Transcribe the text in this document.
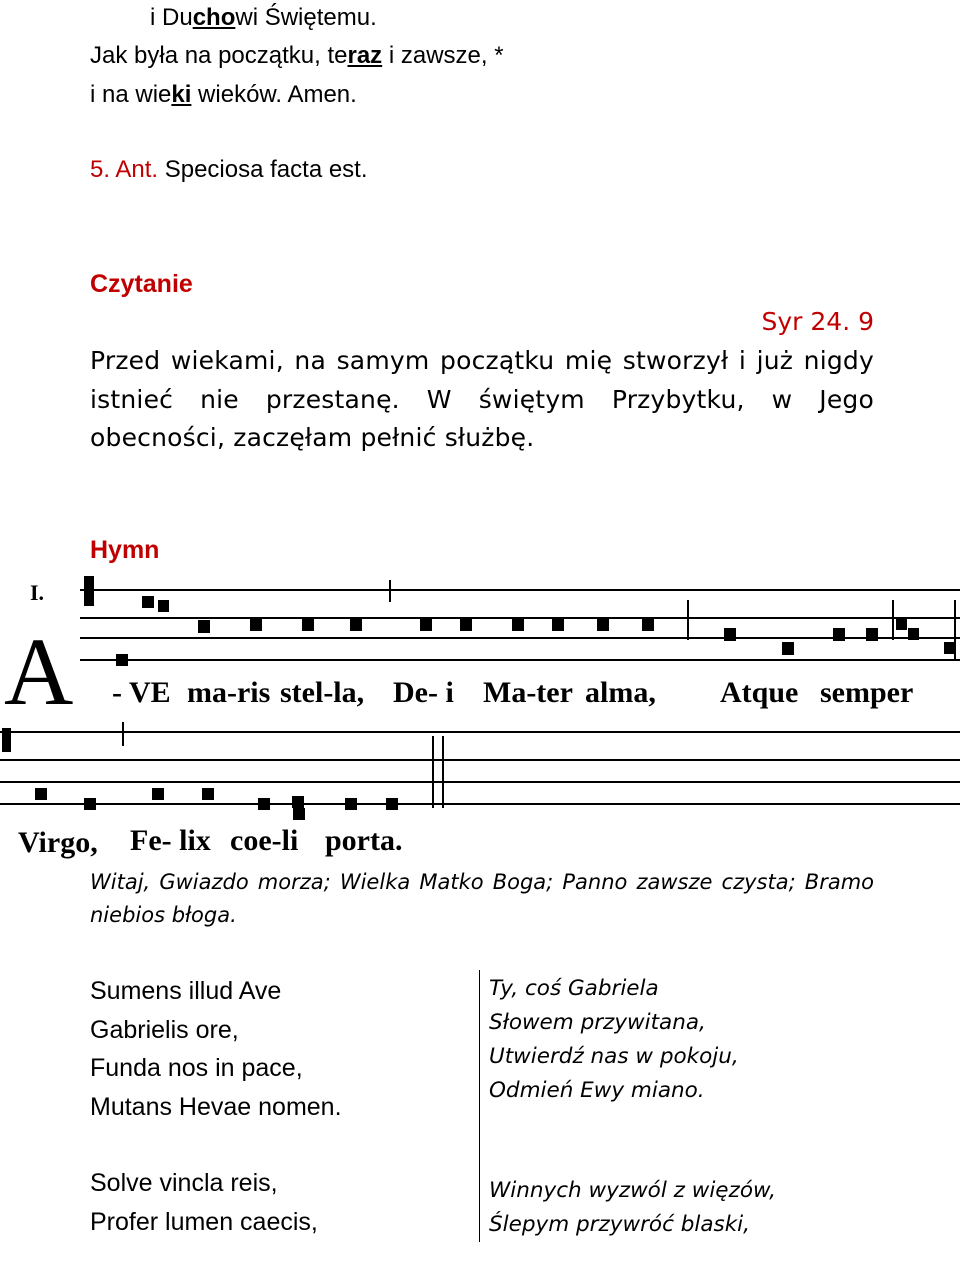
i Duchowi Świętemu.
Jak była na początku, teraz i zawsze, *
i na wieki wieków. Amen.
5. Ant. Speciosa facta est.
Czytanie
Syr 24. 9
Przed wiekami, na samym początku mię stworzył i już nigdy istnieć nie przestanę. W świętym Przybytku, w Jego obecności, zaczęłam pełnić służbę.
Hymn
I.
A - VE ma-ris stel-la, De- i Ma-ter alma, Atque semper
Virgo, Fe- lix coe-li porta.
Witaj, Gwiazdo morza; Wielka Matko Boga; Panno zawsze czysta; Bramo niebios błoga.
Sumens illud Ave
Gabrielis ore,
Funda nos in pace,
Mutans Hevae nomen.
Solve vincla reis,
Profer lumen caecis,
Ty, coś Gabriela
Słowem przywitana,
Utwierdź nas w pokoju,
Odmień Ewy miano.
Winnych wyzwól z więzów,
Ślepym przywróć blaski,
